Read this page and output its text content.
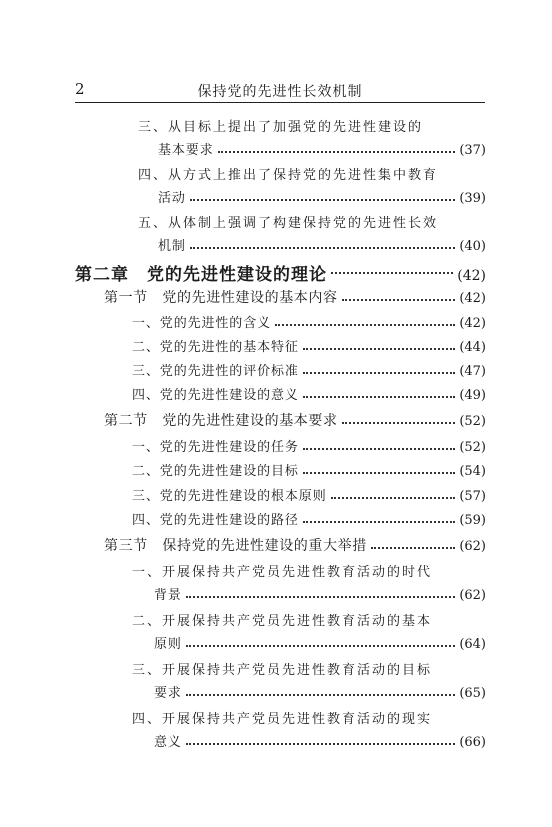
2	保持党的先进性长效机制
三、从目标上提出了加强党的先进性建设的
基本要求	(37)
四、从方式上推出了保持党的先进性集中教育
活动	(39)
五、从体制上强调了构建保持党的先进性长效
机制	(40)
第二章　党的先进性建设的理论	(42)
第一节　党的先进性建设的基本内容	(42)
一、党的先进性的含义	(42)
二、党的先进性的基本特征	(44)
三、党的先进性的评价标准	(47)
四、党的先进性建设的意义	(49)
第二节　党的先进性建设的基本要求	(52)
一、党的先进性建设的任务	(52)
二、党的先进性建设的目标	(54)
三、党的先进性建设的根本原则	(57)
四、党的先进性建设的路径	(59)
第三节　保持党的先进性建设的重大举措	(62)
一、开展保持共产党员先进性教育活动的时代
背景	(62)
二、开展保持共产党员先进性教育活动的基本
原则	(64)
三、开展保持共产党员先进性教育活动的目标
要求	(65)
四、开展保持共产党员先进性教育活动的现实
意义	(66)
